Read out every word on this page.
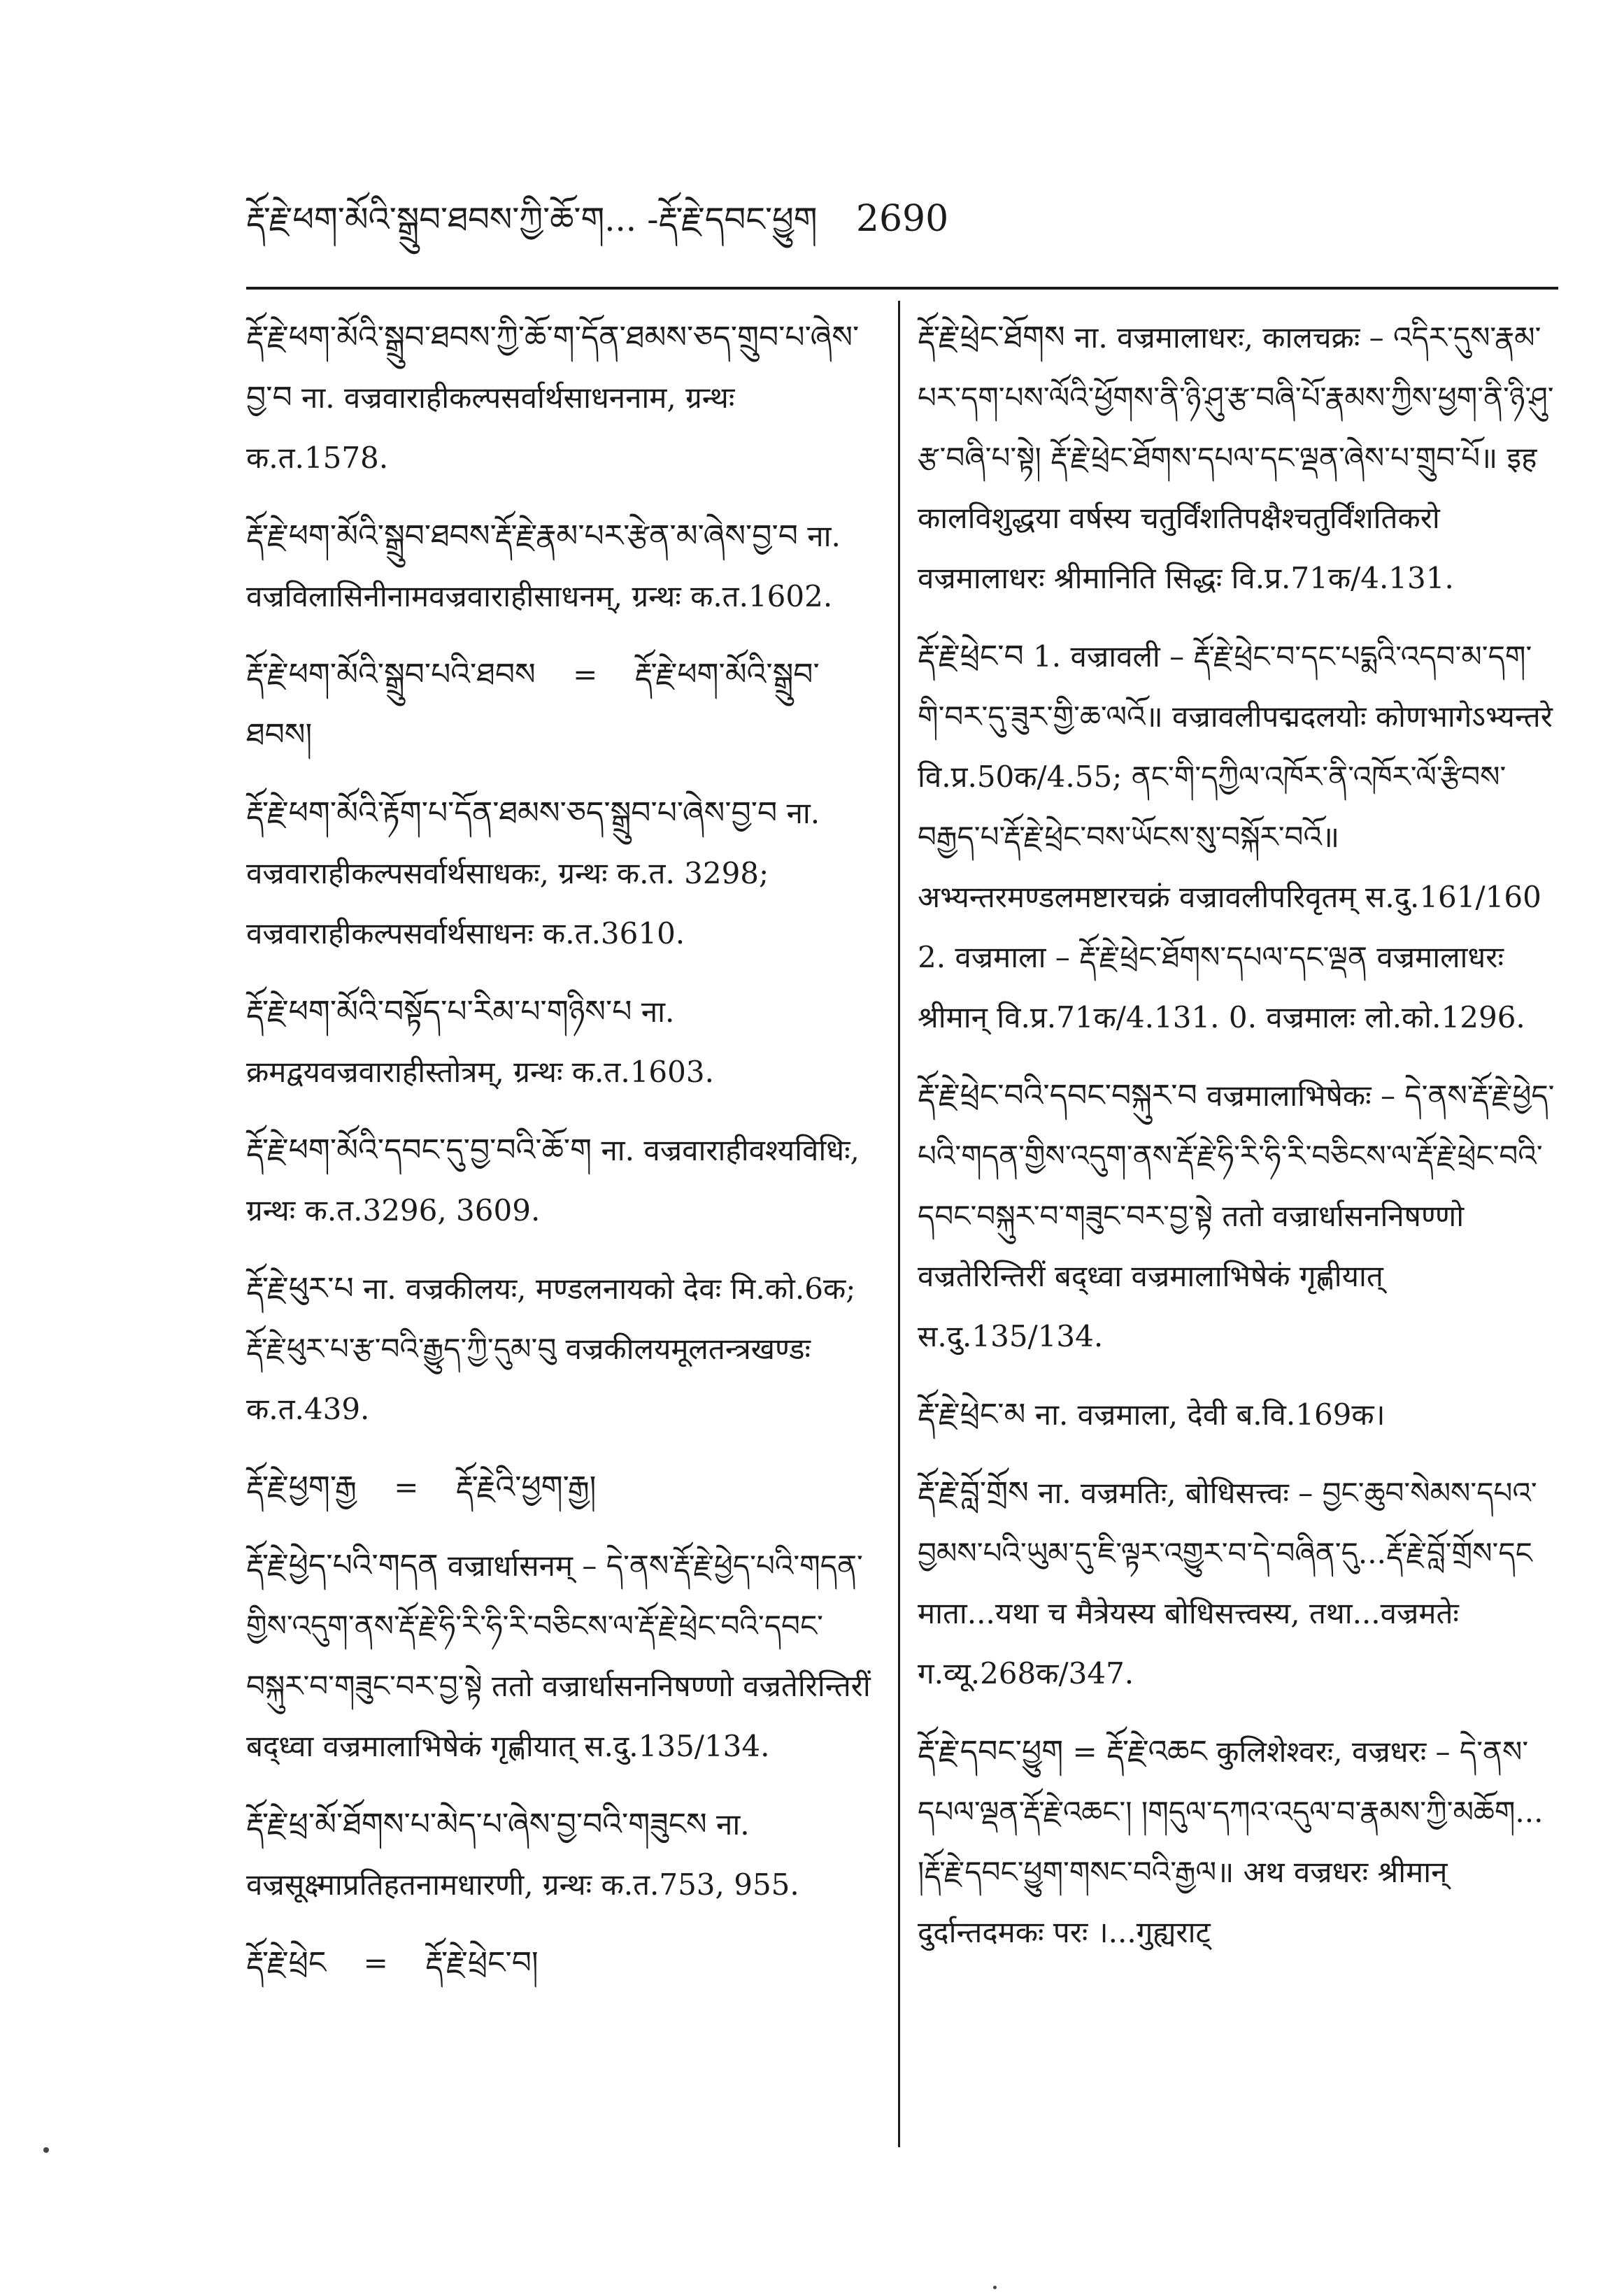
རྡོ་རྗེ་ཕག་མོའི་སྒྲུབ་ཐབས་ཀྱི་ཆོ་ག... -རྡོ་རྗེ་དབང་ཕྱུག 2690
རྡོ་རྗེ་ཕག་མོའི་སྒྲུབ་ཐབས་ཀྱི་ཆོ་ག་དོན་ཐམས་ཅད་གྲུབ་པ་ཞེས་བྱ་བ ना. वज्रवाराहीकल्पसर्वार्थसाधननाम, ग्रन्थः क.त.1578.
རྡོ་རྗེ་ཕག་མོའི་སྒྲུབ་ཐབས་རྡོ་རྗེ་རྣམ་པར་རྩེན་མ་ཞེས་བྱ་བ ना. वज्रविलासिनीनामवज्रवाराहीसाधनम्, ग्रन्थः क.त.1602.
རྡོ་རྗེ་ཕག་མོའི་སྒྲུབ་པའི་ཐབས = རྡོ་རྗེ་ཕག་མོའི་སྒྲུབ་ཐབས།
རྡོ་རྗེ་ཕག་མོའི་རྟོག་པ་དོན་ཐམས་ཅད་སྒྲུབ་པ་ཞེས་བྱ་བ ना. वज्रवाराहीकल्पसर्वार्थसाधकः, ग्रन्थः क.त. 3298; वज्रवाराहीकल्पसर्वार्थसाधनः क.त.3610.
རྡོ་རྗེ་ཕག་མོའི་བསྟོད་པ་རིམ་པ་གཉིས་པ ना. क्रमद्वयवज्रवाराहीस्तोत्रम्, ग्रन्थः क.त.1603.
རྡོ་རྗེ་ཕག་མོའི་དབང་དུ་བྱ་བའི་ཆོ་ག ना. वज्रवाराहीवश्यविधिः, ग्रन्थः क.त.3296, 3609.
རྡོ་རྗེ་ཕུར་པ ना. वज्रकीलयः, मण्डलनायको देवः मि.को.6क; རྡོ་རྗེ་ཕུར་པ་རྩ་བའི་རྒྱུད་ཀྱི་དུམ་བུ वज्रकीलयमूलतन्त्रखण्डः क.त.439.
རྡོ་རྗེ་ཕྱག་རྒྱ = རྡོ་རྗེའི་ཕྱག་རྒྱ།
རྡོ་རྗེ་ཕྱེད་པའི་གདན वज्रार्धासनम् – དེ་ནས་རྡོ་རྗེ་ཕྱེད་པའི་གདན་གྱིས་འདུག་ནས་རྡོ་རྗེ་ཧི་རི་ཧི་རི་བཅིངས་ལ་རྡོ་རྗེ་ཕྲེང་བའི་དབང་བསྐུར་བ་གཟུང་བར་བྱ་སྟེ ततो वज्रार्धासननिषण्णो वज्रतेरिन्तिरीं बद्ध्वा वज्रमालाभिषेकं गृह्णीयात् स.दु.135/134.
རྡོ་རྗེ་ཕྲ་མོ་ཐོགས་པ་མེད་པ་ཞེས་བྱ་བའི་གཟུངས ना. वज्रसूक्ष्माप्रतिहतनामधारणी, ग्रन्थः क.त.753, 955.
རྡོ་རྗེ་ཕྲེང = རྡོ་རྗེ་ཕྲེང་བ།
རྡོ་རྗེ་ཕྲེང་ཐོགས ना. वज्रमालाधरः, कालचक्रः – འདིར་དུས་རྣམ་པར་དག་པས་ལོའི་ཕྱོགས་ནི་ཉི་ཤུ་རྩ་བཞི་པོ་རྣམས་ཀྱིས་ཕྱག་ནི་ཉི་ཤུ་རྩ་བཞི་པ་སྟེ། རྡོ་རྗེ་ཕྲེང་ཐོགས་དཔལ་དང་ལྡན་ཞེས་པ་གྲུབ་པོ॥ इह कालविशुद्धया वर्षस्य चतुर्विंशतिपक्षैश्चतुर्विंशतिकरो वज्रमालाधरः श्रीमानिति सिद्धः वि.प्र.71क/4.131.
རྡོ་རྗེ་ཕྲེང་བ 1. वज्रावली – རྡོ་རྗེ་ཕྲེང་བ་དང་པདྨའི་འདབ་མ་དག་གི་བར་དུ་ཟུར་གྱི་ཆ་ལའོ॥ वज्रावलीपद्मदलयोः कोणभागेऽभ्यन्तरे वि.प्र.50क/4.55; ནང་གི་དཀྱིལ་འཁོར་ནི་འཁོར་ལོ་རྩིབས་བརྒྱད་པ་རྡོ་རྗེ་ཕྲེང་བས་ཡོངས་སུ་བསྐོར་བའོ॥ अभ्यन्तरमण्डलमष्टारचक्रं वज्रावलीपरिवृतम् स.दु.161/160 2. वज्रमाला – རྡོ་རྗེ་ཕྲེང་ཐོགས་དཔལ་དང་ལྡན वज्रमालाधरः श्रीमान् वि.प्र.71क/4.131. 0. वज्रमालः लो.को.1296.
རྡོ་རྗེ་ཕྲེང་བའི་དབང་བསྐུར་བ वज्रमालाभिषेकः – དེ་ནས་རྡོ་རྗེ་ཕྱེད་པའི་གདན་གྱིས་འདུག་ནས་རྡོ་རྗེ་ཧི་རི་ཧི་རི་བཅིངས་ལ་རྡོ་རྗེ་ཕྲེང་བའི་དབང་བསྐུར་བ་གཟུང་བར་བྱ་སྟེ ततो वज्रार्धासननिषण्णो वज्रतेरिन्तिरीं बद्ध्वा वज्रमालाभिषेकं गृह्णीयात् स.दु.135/134.
རྡོ་རྗེ་ཕྲེང་མ ना. वज्रमाला, देवी ब.वि.169क।
རྡོ་རྗེ་བློ་གྲོས ना. वज्रमतिः, बोधिसत्त्वः – བྱང་ཆུབ་སེམས་དཔའ་བྱམས་པའི་ཡུམ་དུ་ཇི་ལྟར་འགྱུར་བ་དེ་བཞིན་དུ...རྡོ་རྗེ་བློ་གྲོས་དང माता...यथा च मैत्रेयस्य बोधिसत्त्वस्य, तथा...वज्रमतेः ग.व्यू.268क/347.
རྡོ་རྗེ་དབང་ཕྱུག = རྡོ་རྗེ་འཆང कुलिशेश्वरः, वज्रधरः – དེ་ནས་དཔལ་ལྡན་རྡོ་རྗེ་འཆང་། །གདུལ་དཀའ་འདུལ་བ་རྣམས་ཀྱི་མཆོག... །རྡོ་རྗེ་དབང་ཕྱུག་གསང་བའི་རྒྱལ॥ अथ वज्रधरः श्रीमान् दुर्दान्तदमकः परः ।...गुह्यराट्
